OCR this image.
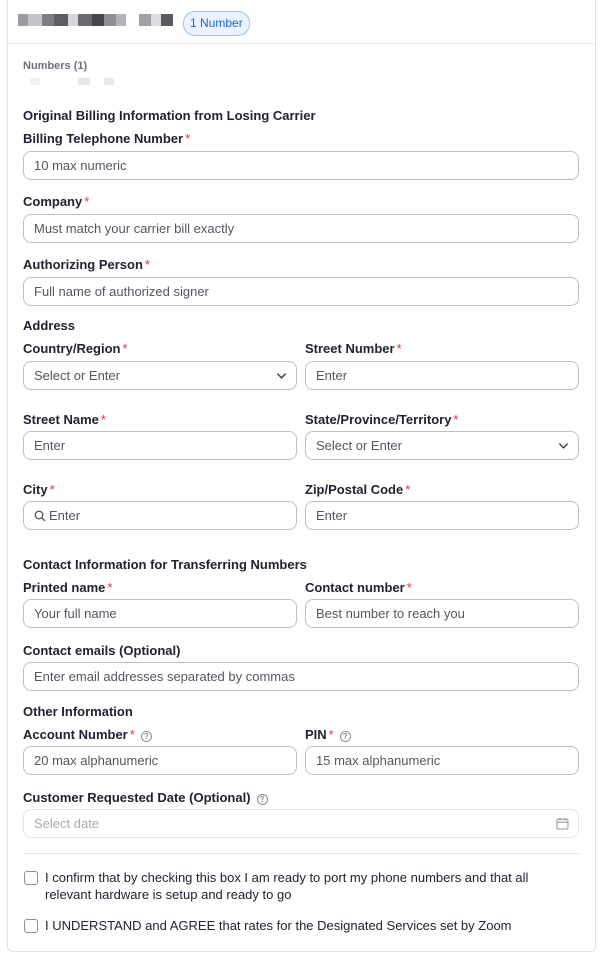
1 Number
Numbers (1)
Original Billing Information from Losing Carrier
Billing Telephone Number *
10 max numeric
Company *
Must match your carrier bill exactly
Authorizing Person *
Full name of authorized signer
Address
Country/Region *
Select or Enter
Street Number *
Enter
Street Name *
Enter
State/Province/Territory *
Select or Enter
City *
Enter
Zip/Postal Code *
Enter
Contact Information for Transferring Numbers
Printed name *
Your full name
Contact number *
Best number to reach you
Contact emails (Optional)
Enter email addresses separated by commas
Other Information
Account Number * ?
20 max alphanumeric
PIN * ?
15 max alphanumeric
Customer Requested Date (Optional) ?
Select date
I confirm that by checking this box I am ready to port my phone numbers and that all relevant hardware is setup and ready to go
I UNDERSTAND and AGREE that rates for the Designated Services set by Zoom
